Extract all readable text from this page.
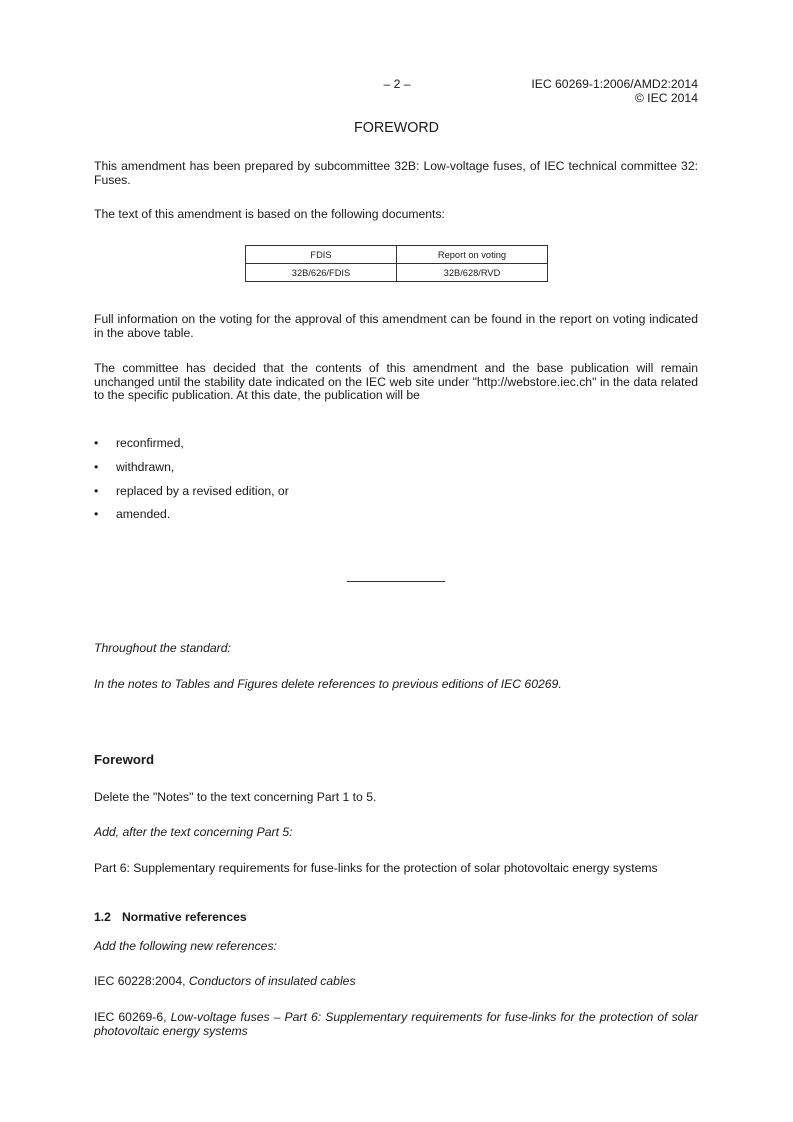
– 2 –	IEC 60269-1:2006/AMD2:2014
© IEC 2014
FOREWORD
This amendment has been prepared by subcommittee 32B: Low-voltage fuses, of IEC technical committee 32: Fuses.
The text of this amendment is based on the following documents:
FDIS	Report on voting
32B/626/FDIS	32B/628/RVD
Full information on the voting for the approval of this amendment can be found in the report on voting indicated in the above table.
The committee has decided that the contents of this amendment and the base publication will remain unchanged until the stability date indicated on the IEC web site under "http://webstore.iec.ch" in the data related to the specific publication. At this date, the publication will be
• reconfirmed,
• withdrawn,
• replaced by a revised edition, or
• amended.
Throughout the standard:
In the notes to Tables and Figures delete references to previous editions of IEC 60269.
Foreword
Delete the "Notes" to the text concerning Part 1 to 5.
Add, after the text concerning Part 5:
Part 6: Supplementary requirements for fuse-links for the protection of solar photovoltaic energy systems
1.2 Normative references
Add the following new references:
IEC 60228:2004, Conductors of insulated cables
IEC 60269-6, Low-voltage fuses – Part 6: Supplementary requirements for fuse-links for the protection of solar photovoltaic energy systems
